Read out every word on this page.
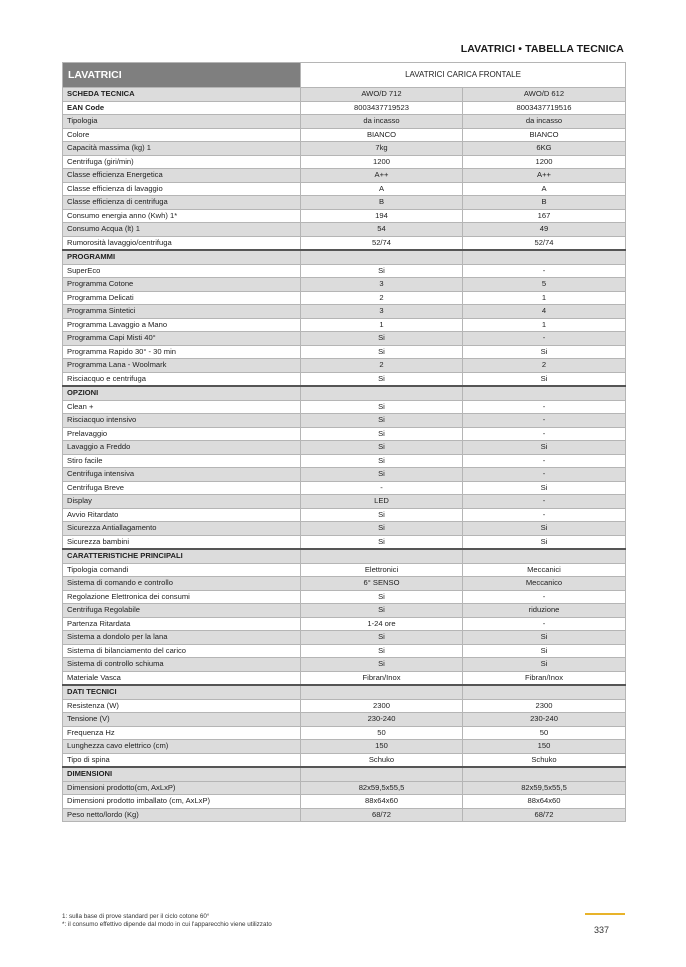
LAVATRICI • TABELLA TECNICA
LAVATRICI	LAVATRICI CARICA FRONTALE	
SCHEDA TECNICA	AWO/D 712	AWO/D 612
EAN Code	8003437719523	8003437719516
Tipologia	da incasso	da incasso
Colore	BIANCO	BIANCO
Capacità massima (kg) 1	7kg	6KG
Centrifuga (giri/min)	1200	1200
Classe efficienza Energetica	A++	A++
Classe efficienza di lavaggio	A	A
Classe efficienza di centrifuga	B	B
Consumo energia anno (Kwh) 1*	194	167
Consumo Acqua (lt) 1	54	49
Rumorosità lavaggio/centrifuga	52/74	52/74
PROGRAMMI		
SuperEco	Si	-
Programma Cotone	3	5
Programma Delicati	2	1
Programma Sintetici	3	4
Programma Lavaggio a Mano	1	1
Programma Capi Misti 40°	Si	-
Programma Rapido 30° - 30 min	Si	Si
Programma Lana - Woolmark	2	2
Risciacquo e centrifuga	Si	Si
OPZIONI		
Clean +	Si	-
Risciacquo intensivo	Si	-
Prelavaggio	Si	-
Lavaggio a Freddo	Si	Si
Stiro facile	Si	-
Centrifuga intensiva	Si	-
Centrifuga Breve	-	Si
Display	LED	-
Avvio Ritardato	Si	-
Sicurezza Antiallagamento	Si	Si
Sicurezza bambini	Si	Si
CARATTERISTICHE PRINCIPALI		
Tipologia comandi	Elettronici	Meccanici
Sistema di comando e controllo	6° SENSO	Meccanico
Regolazione Elettronica dei consumi	Si	-
Centrifuga Regolabile	Si	riduzione
Partenza Ritardata	1-24 ore	-
Sistema a dondolo per la lana	Si	Si
Sistema di bilanciamento del carico	Si	Si
Sistema di controllo schiuma	Si	Si
Materiale Vasca	Fibran/Inox	Fibran/Inox
DATI TECNICI		
Resistenza (W)	2300	2300
Tensione (V)	230-240	230-240
Frequenza Hz	50	50
Lunghezza cavo elettrico (cm)	150	150
Tipo di spina	Schuko	Schuko
DIMENSIONI		
Dimensioni prodotto(cm, AxLxP)	82x59,5x55,5	82x59,5x55,5
Dimensioni prodotto imballato (cm, AxLxP)	88x64x60	88x64x60
Peso netto/lordo (Kg)	68/72	68/72
1: sulla base di prove standard per il ciclo cotone 60°
*: il consumo effettivo dipende dal modo in cui l'apparecchio viene utilizzato
337
